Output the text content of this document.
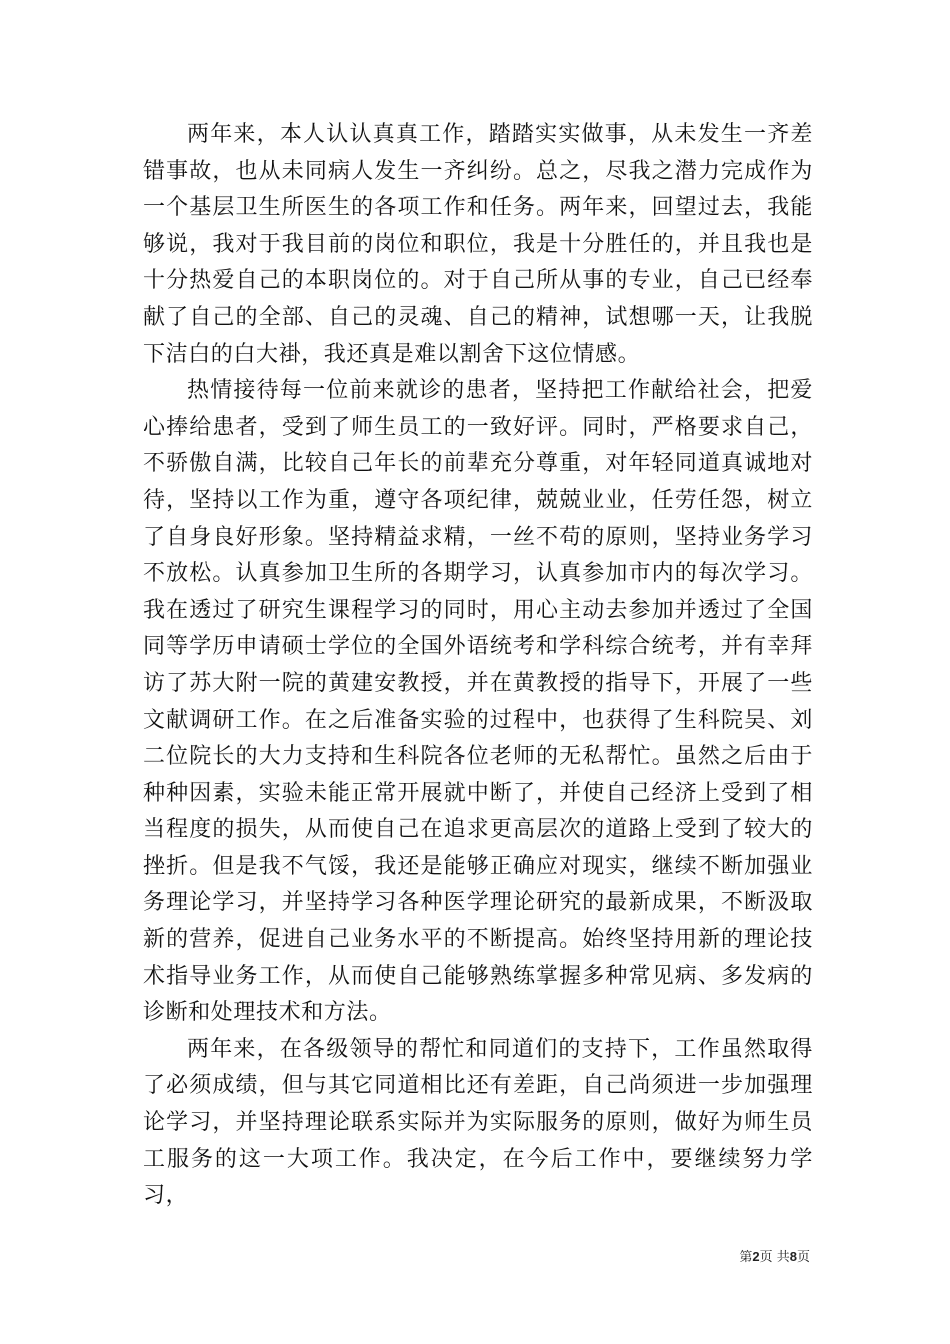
两年来，本人认认真真工作，踏踏实实做事，从未发生一齐差错事故，也从未同病人发生一齐纠纷。总之，尽我之潜力完成作为一个基层卫生所医生的各项工作和任务。两年来，回望过去，我能够说，我对于我目前的岗位和职位，我是十分胜任的，并且我也是十分热爱自己的本职岗位的。对于自己所从事的专业，自己已经奉献了自己的全部、自己的灵魂、自己的精神，试想哪一天，让我脱下洁白的白大褂，我还真是难以割舍下这位情感。

热情接待每一位前来就诊的患者，坚持把工作献给社会，把爱心捧给患者，受到了师生员工的一致好评。同时，严格要求自己，不骄傲自满，比较自己年长的前辈充分尊重，对年轻同道真诚地对待，坚持以工作为重，遵守各项纪律，兢兢业业，任劳任怨，树立了自身良好形象。坚持精益求精，一丝不苟的原则，坚持业务学习不放松。认真参加卫生所的各期学习，认真参加市内的每次学习。我在透过了研究生课程学习的同时，用心主动去参加并透过了全国同等学历申请硕士学位的全国外语统考和学科综合统考，并有幸拜访了苏大附一院的黄建安教授，并在黄教授的指导下，开展了一些文献调研工作。在之后准备实验的过程中，也获得了生科院吴、刘二位院长的大力支持和生科院各位老师的无私帮忙。虽然之后由于种种因素，实验未能正常开展就中断了，并使自己经济上受到了相当程度的损失，从而使自己在追求更高层次的道路上受到了较大的挫折。但是我不气馁，我还是能够正确应对现实，继续不断加强业务理论学习，并坚持学习各种医学理论研究的最新成果，不断汲取新的营养，促进自己业务水平的不断提高。始终坚持用新的理论技术指导业务工作，从而使自己能够熟练掌握多种常见病、多发病的诊断和处理技术和方法。

两年来，在各级领导的帮忙和同道们的支持下，工作虽然取得了必须成绩，但与其它同道相比还有差距，自己尚须进一步加强理论学习，并坚持理论联系实际并为实际服务的原则，做好为师生员工服务的这一大项工作。我决定，在今后工作中，要继续努力学习，

第2页 共8页
